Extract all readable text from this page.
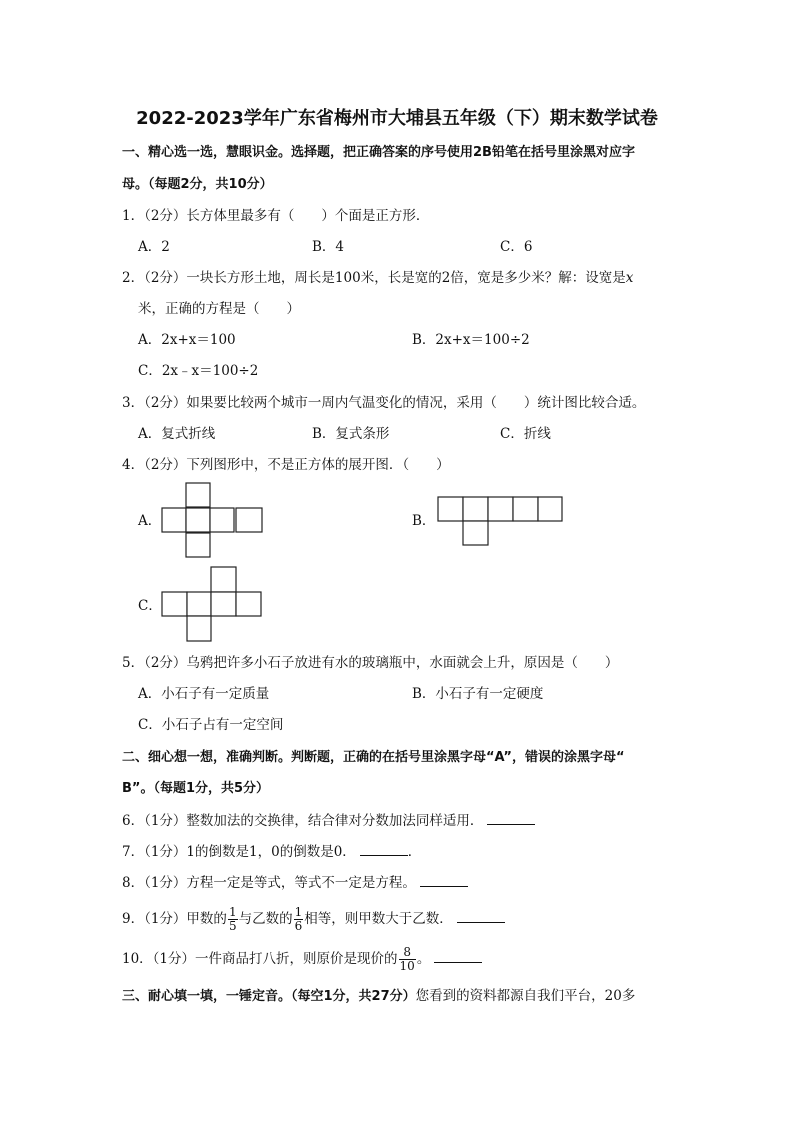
2022-2023学年广东省梅州市大埔县五年级（下）期末数学试卷
一、精心选一选，慧眼识金。选择题，把正确答案的序号使用2B铅笔在括号里涂黑对应字
母。（每题2分，共10分）
1．（2分）长方体里最多有（　　）个面是正方形．
A．2	B．4	C．6
2．（2分）一块长方形土地，周长是100米，长是宽的2倍，宽是多少米？解：设宽是x
米，正确的方程是（　　）
A．2x+x＝100	B．2x+x＝100÷2
C．2x﹣x＝100÷2
3．（2分）如果要比较两个城市一周内气温变化的情况，采用（　　）统计图比较合适。
A．复式折线	B．复式条形	C．折线
4．（2分）下列图形中，不是正方体的展开图．（　　）
A．	B．
C．
5．（2分）乌鸦把许多小石子放进有水的玻璃瓶中，水面就会上升，原因是（　　）
A．小石子有一定质量	B．小石子有一定硬度
C．小石子占有一定空间
二、细心想一想，准确判断。判断题，正确的在括号里涂黑字母“A”，错误的涂黑字母“
B”。（每题1分，共5分）
6．（1分）整数加法的交换律，结合律对分数加法同样适用．
7．（1分）1的倒数是1，0的倒数是0．	．
8．（1分）方程一定是等式，等式不一定是方程。
9．（1分）甲数的 $\frac{1}{5}$ 与乙数的 $\frac{1}{6}$ 相等，则甲数大于乙数．
10．（1分）一件商品打八折，则原价是现价的 $\frac{8}{10}$ 。
三、耐心填一填，一锤定音。（每空1分，共27分）您看到的资料都源自我们平台，20多
